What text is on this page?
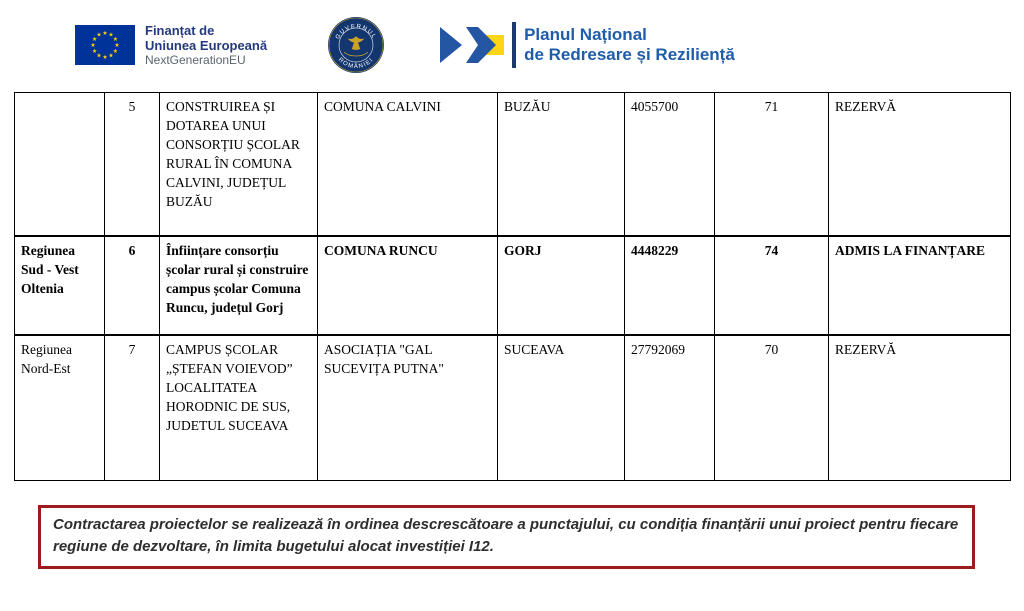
Finanțat de
Uniunea Europeană
NextGenerationEU
GUVERNUL
ROMÂNIEI
Planul Național
de Redresare și Reziliență
	5	CONSTRUIREA ȘI DOTAREA UNUI CONSORȚIU ȘCOLAR RURAL ÎN COMUNA CALVINI, JUDEȚUL BUZĂU	COMUNA CALVINI	BUZĂU	4055700	71	REZERVĂ
Regiunea Sud - Vest Oltenia	6	Înființare consorțiu școlar rural și construire campus școlar Comuna Runcu, județul Gorj	COMUNA RUNCU	GORJ	4448229	74	ADMIS LA FINANȚARE
Regiunea Nord-Est	7	CAMPUS ȘCOLAR „ȘTEFAN VOIEVOD” LOCALITATEA HORODNIC DE SUS, JUDETUL SUCEAVA	ASOCIAȚIA "GAL SUCEVIȚA PUTNA"	SUCEAVA	27792069	70	REZERVĂ
Contractarea proiectelor se realizează în ordinea descrescătoare a punctajului, cu condiția finanțării unui proiect pentru fiecare regiune de dezvoltare, în limita bugetului alocat investiției I12.
